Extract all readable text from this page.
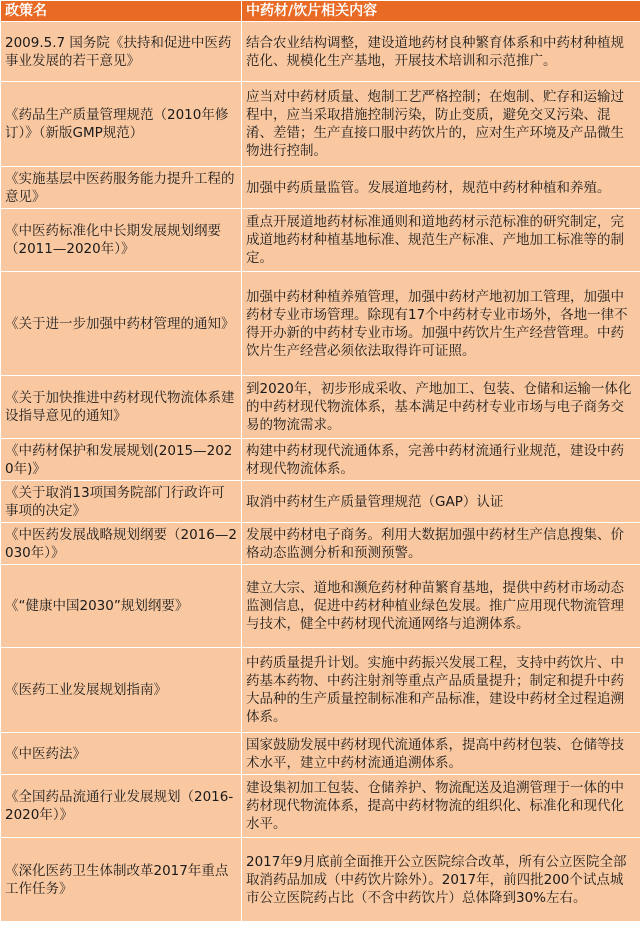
政策名	中药材/饮片相关内容
2009.5.7 国务院《扶持和促进中医药事业发展的若干意见》	结合农业结构调整，建设道地药材良种繁育体系和中药材种植规范化、规模化生产基地，开展技术培训和示范推广。
《药品生产质量管理规范（2010年修订）》（新版GMP规范）	应当对中药材质量、炮制工艺严格控制；在炮制、贮存和运输过程中，应当采取措施控制污染，防止变质，避免交叉污染、混淆、差错；生产直接口服中药饮片的，应对生产环境及产品微生物进行控制。
《实施基层中医药服务能力提升工程的意见》	加强中药质量监管。发展道地药材，规范中药材种植和养殖。
《中医药标准化中长期发展规划纲要（2011—2020年）》	重点开展道地药材标准通则和道地药材示范标准的研究制定，完成道地药材种植基地标准、规范生产标准、产地加工标准等的制定。
《关于进一步加强中药材管理的通知》	加强中药材种植养殖管理，加强中药材产地初加工管理，加强中药材专业市场管理。除现有17个中药材专业市场外，各地一律不得开办新的中药材专业市场。加强中药饮片生产经营管理。中药饮片生产经营必须依法取得许可证照。
《关于加快推进中药材现代物流体系建设指导意见的通知》	到2020年，初步形成采收、产地加工、包装、仓储和运输一体化的中药材现代物流体系，基本满足中药材专业市场与电子商务交易的物流需求。
《中药材保护和发展规划(2015—2020年)》	构建中药材现代流通体系，完善中药材流通行业规范，建设中药材现代物流体系。
《关于取消13项国务院部门行政许可事项的决定》	取消中药材生产质量管理规范（GAP）认证
《中医药发展战略规划纲要（2016—2030年）》	发展中药材电子商务。利用大数据加强中药材生产信息搜集、价格动态监测分析和预测预警。
《“健康中国2030”规划纲要》	建立大宗、道地和濒危药材种苗繁育基地，提供中药材市场动态监测信息，促进中药材种植业绿色发展。推广应用现代物流管理与技术，健全中药材现代流通网络与追溯体系。
《医药工业发展规划指南》	中药质量提升计划。实施中药振兴发展工程，支持中药饮片、中药基本药物、中药注射剂等重点产品质量提升；制定和提升中药大品种的生产质量控制标准和产品标准，建设中药材全过程追溯体系。
《中医药法》	国家鼓励发展中药材现代流通体系，提高中药材包装、仓储等技术水平，建立中药材流通追溯体系。
《全国药品流通行业发展规划（2016-2020年）》	建设集初加工包装、仓储养护、物流配送及追溯管理于一体的中药材现代物流体系，提高中药材物流的组织化、标准化和现代化水平。
《深化医药卫生体制改革2017年重点工作任务》	2017年9月底前全面推开公立医院综合改革，所有公立医院全部取消药品加成（中药饮片除外）。2017年，前四批200个试点城市公立医院药占比（不含中药饮片）总体降到30%左右。
